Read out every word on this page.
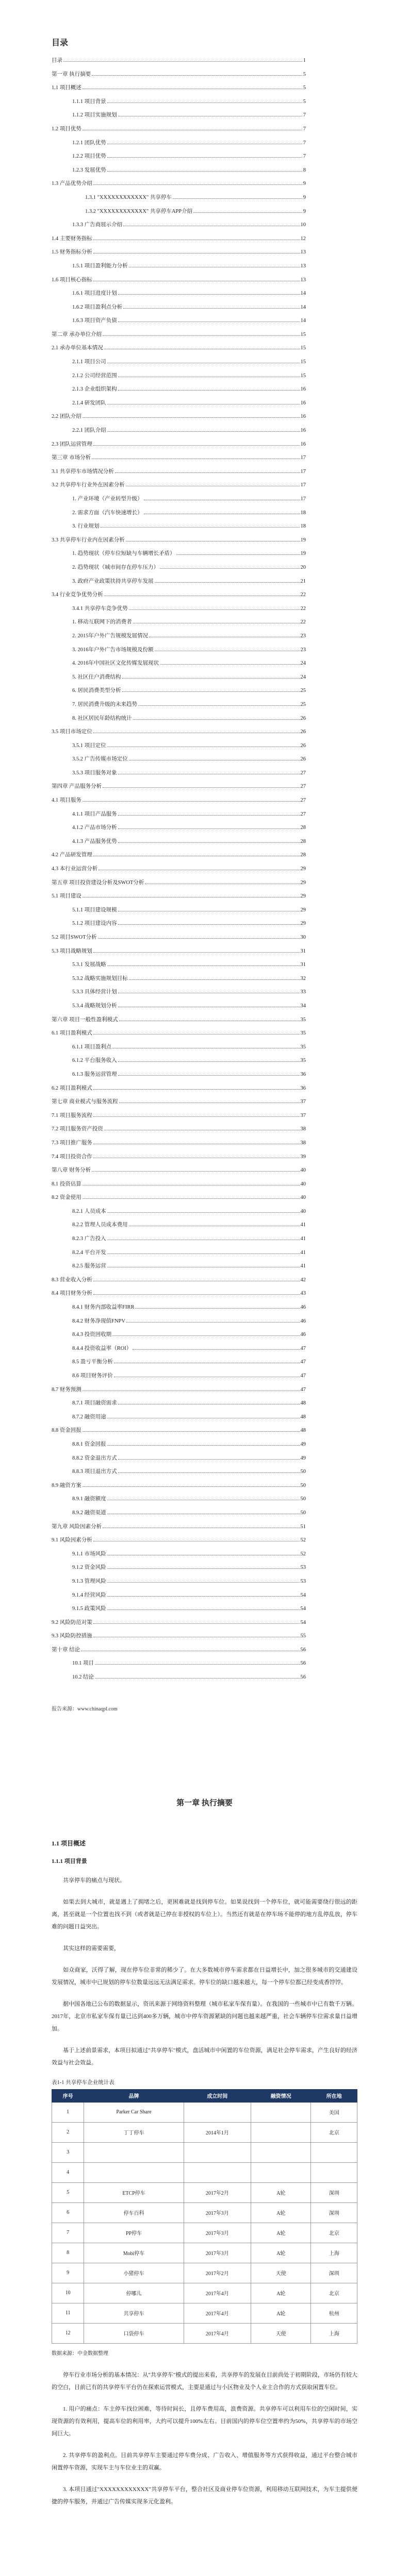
目录
目录	1
第一章 执行摘要	5
1.1 项目概述	5
1.1.1 项目背景	5
1.1.2 项目实施规划	7
1.2 项目优势	7
1.2.1 团队优势	7
1.2.2 项目优势	7
1.2.3 发展优势	8
1.3 产品优势介绍	9
1.3.1 "XXXXXXXXXXXX" 共享停车	9
1.3.2 "XXXXXXXXXXXX" 共享停车APP介绍	9
1.3.3 广告商展示介绍	10
1.4 主要财务指标	12
1.5 财务指标分析	13
1.5.1 项目盈利能力分析	13
1.6 项目核心指标	13
1.6.1 项目进度计划	14
1.6.2 项目盈利点分析	14
1.6.3 项目资产负债	14
第二章 承办单位介绍	15
2.1 承办单位基本情况	15
2.1.1 项目公司	15
2.1.2 公司经营范围	15
2.1.3 企业组织架构	16
2.1.4 研发团队	16
2.2 团队介绍	16
2.2.1 团队介绍	16
2.3 团队运营管理	16
第三章 市场分析	17
3.1 共享停车市场情况分析	17
3.2 共享停车行业外在因素分析	17
1. 产业环境（产业转型升级）	17
2. 需求方面（汽车快速增长）	18
3. 行业规划	18
3.3 共享停车行业内在因素分析	19
1. 趋势现状（停车位短缺与车辆增长矛盾）	19
2. 趋势现状（城市间存在停车压力）	20
3. 政府产业政策扶持共享停车发展	21
3.4 行业竞争优势分析	22
3.4.1 共享停车竞争优势	22
1. 移动互联网下的消费者	22
2. 2015年户外广告规模发展情况	23
3. 2016年户外广告市场规模及份额	23
4. 2016年中国社区文化传媒发展现状	24
5. 社区住户消费结构	24
6. 居民消费类型分析	25
7. 居民消费升级的未来趋势	25
8. 社区居民年龄结构统计	26
3.5 项目市场定位	26
3.5.1 项目定位	26
3.5.2 广告传媒市场定位	26
3.5.3 项目服务对象	27
第四章 产品服务分析	27
4.1 项目服务	27
4.1.1 项目产品服务	27
4.1.2 产品市场分析	28
4.1.3 产品服务优势	28
4.2 产品研发管理	28
4.3 本行业运营分析	29
第五章 项目投资建设分析及SWOT分析	29
5.1 项目建设	29
5.1.1 项目建设规模	29
5.1.2 项目建设内容	29
5.2 项目SWOT分析	30
5.3 项目战略规划	31
5.3.1 发展战略	31
5.3.2 战略实施规划目标	32
5.3.3 具体经营计划	33
5.3.4 战略规划分析	34
第六章 项目一般性盈利模式	35
6.1 项目盈利模式	35
6.1.1 项目盈利点	35
6.1.2 平台服务收入	35
6.1.3 服务运营管理	36
6.2 项目盈利模式	36
第七章 商业模式与服务流程	37
7.1 项目服务流程	37
7.2 项目服务资产投资	38
7.3 项目推广服务	38
7.4 项目投资合作	39
第八章 财务分析	40
8.1 投资估算	40
8.2 资金使用	40
8.2.1 人员成本	40
8.2.2 管理人员成本费用	41
8.2.3 广告投入	41
8.2.4 平台开发	41
8.2.5 服务运营	41
8.3 营业收入分析	42
8.4 项目财务分析	43
8.4.1 财务内部收益率FIRR	46
8.4.2 财务净现值FNPV	46
8.4.3 投资回收期	46
8.4.4 投资收益率（ROI）	47
8.5 盈亏平衡分析	47
8.6 项目财务评价	47
8.7 财务预测	47
8.7.1 项目融资需求	48
8.7.2 融资用途	48
8.8 资金回报	48
8.8.1 资金回报	49
8.8.2 资金退出方式	49
8.8.3 项目退出方式	50
8.9 融资方案	50
8.9.1 融资额度	50
8.9.2 融资渠道	50
第九章 风险因素分析	51
9.1 风险因素分析	52
9.1.1 市场风险	52
9.1.2 资金风险	53
9.1.3 管理风险	53
9.1.4 经营风险	54
9.1.5 政策风险	54
9.2 风险防范对策	54
9.3 风险防控措施	55
第十章 结论	56
10.1 项目	56
10.2 结论	56
报告来源：www.chinaqpl.com
第一章 执行摘要
1.1 项目概述
1.1.1 项目背景

共享停车的痛点与现状。

如果去到大城市，就是遇上了拥堵之后，更困难就是找到停车位。如果说找到一个停车位，就可能需要绕行很远的距离，甚至就是一个位置也找不到（或者就是已停在非授权的车位上）。当然还有就是在停车场不能停的地方乱停乱放，停车难的问题日益突出。

其实这样的需要需要，

如众商家，沃得了解，现在停车位非常的稀少了。在大多数城市停车需求都在日益增长中，加之很多城市的交通建设发展情况，城市中已规划的停车位数量远远无法满足需求。停车位的缺口越来越大，每一个停车位都已经变成香饽饽。

据中国各地已公布的数据显示，资讯来源于网络资料整理（城市私家车保有量）。在我国的一些城市中已有数千万辆。2017年，北京市私家车保有量已达到400多万辆，城市中停车资源紧缺的问题也越来越严重，社会车辆停车位需求量日益增加。

基于上述前景需求，本项目拟通过"共享停车"模式，盘活城市中闲置的车位资源，满足社会停车需求，产生良好的经济效益与社会效益。

表1-1 共享停车企业统计表
序号	品牌	成立时间	融资情况	所在地
1	Parker Car Share			美国
2	丁丁停车	2014年1月		北京
3				
4				
5	ETCP停车	2017年2月	A轮	深圳
6	停车百科	2017年3月	A轮	深圳
7	PP停车	2017年3月	A轮	北京
8	Mobi停车	2017年3月	A轮	上海
9	小猪停车	2017年2月	天使	深圳
10	停哪儿	2017年4月	A轮	北京
11	共享停车	2017年4月	A轮	杭州
12	口袋停车	2017年4月	天使	上海
数据来源：中金数据整理

停车行业市场分析的基本情况：从"共享停车"模式的提出来看，共享停车的发展在目前尚处于初期阶段，市场仍有较大的空白，目前已有的共享停车平台仍在探索运营模式，主要是通过与小区物业及个人业主合作的方式获取闲置车位。

1. 用户的痛点：车主停车找位困难，等待时间长，且停车费用高，浪费资源。共享停车可以利用车位的空闲时间，实现资源的有效利用，提高车位的利用率，大约可以提升100%左右。目前国内的停车位空置率约为50%，共享停车的市场空间巨大。

2. 共享停车的盈利点。目前共享停车主要通过停车费分成、广告收入、增值服务等方式获得收益，通过平台整合城市闲置停车资源，实现车主与车位业主的双赢。

3. 本项目通过"XXXXXXXXXXXX"共享停车平台，整合社区及商业停车位资源，利用移动互联网技术，为车主提供便捷的停车服务，并通过广告传媒实现多元化盈利。
